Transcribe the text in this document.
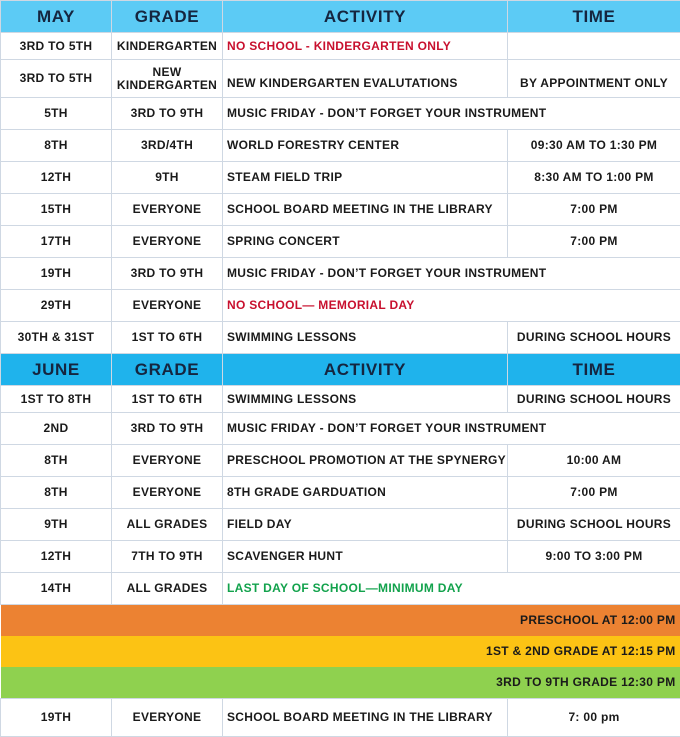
MAY	GRADE	ACTIVITY	TIME
3RD TO 5TH	KINDERGARTEN	NO SCHOOL - KINDERGARTEN ONLY	
3RD TO 5TH	NEW KINDERGARTEN	NEW KINDERGARTEN EVALUTATIONS	BY APPOINTMENT ONLY
5TH	3RD TO 9TH	MUSIC FRIDAY - DON’T FORGET YOUR INSTRUMENT	
8TH	3RD/4TH	WORLD FORESTRY CENTER	09:30 AM TO 1:30 PM
12TH	9TH	STEAM FIELD TRIP	8:30 AM TO 1:00 PM
15TH	EVERYONE	SCHOOL BOARD MEETING IN THE LIBRARY	7:00 PM
17TH	EVERYONE	SPRING CONCERT	7:00 PM
19TH	3RD TO 9TH	MUSIC FRIDAY - DON’T FORGET YOUR INSTRUMENT	
29TH	EVERYONE	NO SCHOOL— MEMORIAL DAY	
30TH & 31ST	1ST TO 6TH	SWIMMING LESSONS	DURING SCHOOL HOURS
JUNE	GRADE	ACTIVITY	TIME
1ST TO 8TH	1ST TO 6TH	SWIMMING LESSONS	DURING SCHOOL HOURS
2ND	3RD TO 9TH	MUSIC FRIDAY - DON’T FORGET YOUR INSTRUMENT	
8TH	EVERYONE	PRESCHOOL PROMOTION AT THE SPYNERGY	10:00 AM
8TH	EVERYONE	8TH GRADE GARDUATION	7:00 PM
9TH	ALL GRADES	FIELD DAY	DURING SCHOOL HOURS
12TH	7TH TO 9TH	SCAVENGER HUNT	9:00 TO 3:00 PM
14TH	ALL GRADES	LAST DAY OF SCHOOL—MINIMUM DAY	
PRESCHOOL AT 12:00 PM			
1ST & 2ND GRADE AT 12:15 PM			
3RD TO 9TH GRADE 12:30 PM			
19TH	EVERYONE	SCHOOL BOARD MEETING IN THE LIBRARY	7: 00 pm
